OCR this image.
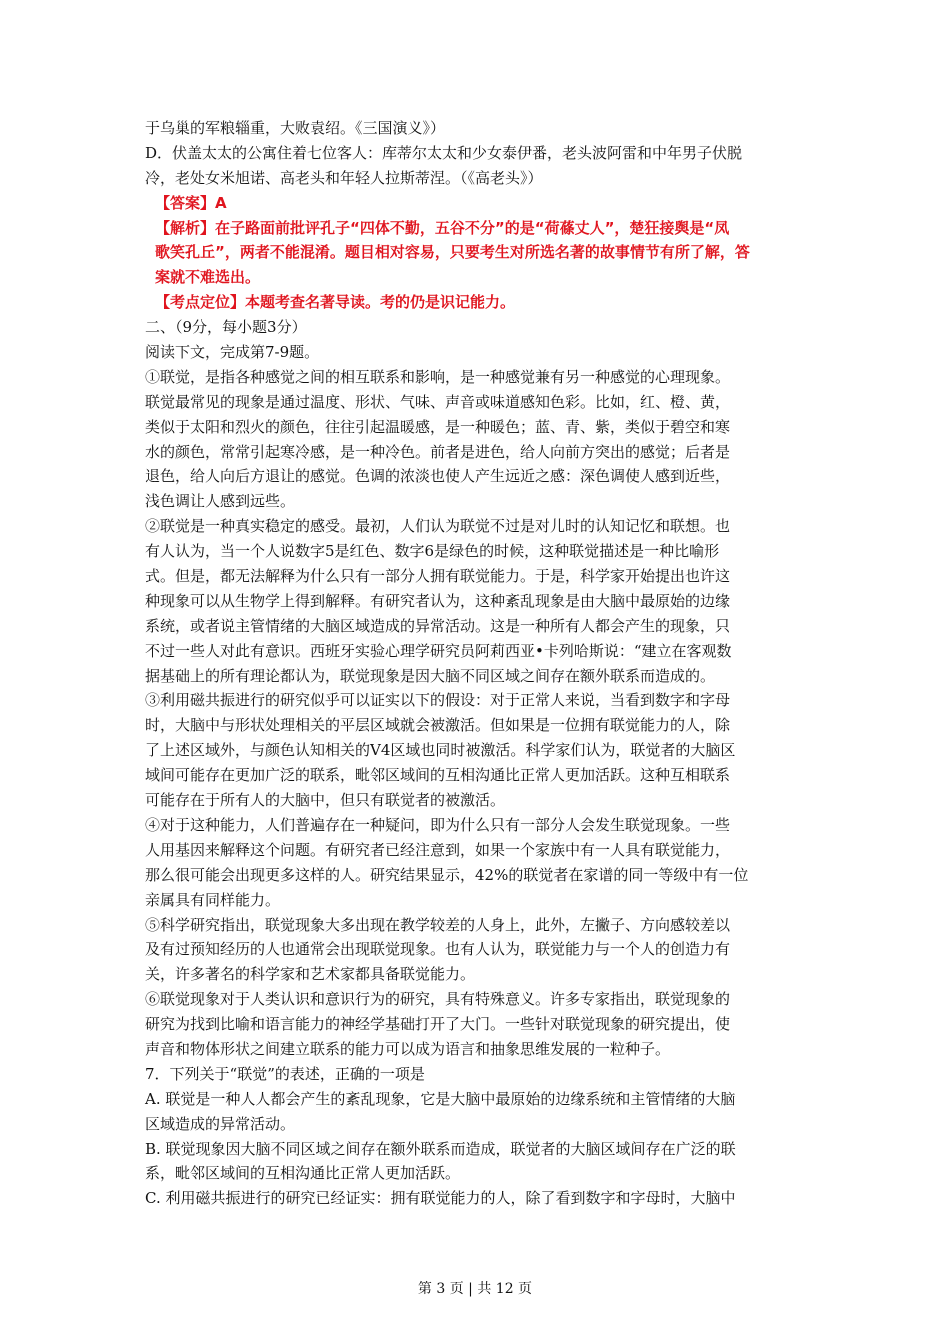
于乌巢的军粮辎重，大败袁绍。《三国演义》）
D．伏盖太太的公寓住着七位客人：库蒂尔太太和少女泰伊番，老头波阿雷和中年男子伏脱
冷，老处女米旭诺、高老头和年轻人拉斯蒂涅。（《高老头》）
【答案】A
【解析】在子路面前批评孔子“四体不勤，五谷不分”的是“荷蓧丈人”，楚狂接舆是“凤
歌笑孔丘”，两者不能混淆。题目相对容易，只要考生对所选名著的故事情节有所了解，答
案就不难选出。
【考点定位】本题考查名著导读。考的仍是识记能力。
二、（9分，每小题3分）
阅读下文，完成第7-9题。
①联觉，是指各种感觉之间的相互联系和影响，是一种感觉兼有另一种感觉的心理现象。
联觉最常见的现象是通过温度、形状、气味、声音或味道感知色彩。比如，红、橙、黄，
类似于太阳和烈火的颜色，往往引起温暖感，是一种暖色；蓝、青、紫，类似于碧空和寒
水的颜色，常常引起寒冷感，是一种冷色。前者是进色，给人向前方突出的感觉；后者是
退色，给人向后方退让的感觉。色调的浓淡也使人产生远近之感：深色调使人感到近些，
浅色调让人感到远些。
②联觉是一种真实稳定的感受。最初，人们认为联觉不过是对儿时的认知记忆和联想。也
有人认为，当一个人说数字5是红色、数字6是绿色的时候，这种联觉描述是一种比喻形
式。但是，都无法解释为什么只有一部分人拥有联觉能力。于是，科学家开始提出也许这
种现象可以从生物学上得到解释。有研究者认为，这种紊乱现象是由大脑中最原始的边缘
系统，或者说主管情绪的大脑区域造成的异常活动。这是一种所有人都会产生的现象，只
不过一些人对此有意识。西班牙实验心理学研究员阿莉西亚•卡列哈斯说：“建立在客观数
据基础上的所有理论都认为，联觉现象是因大脑不同区域之间存在额外联系而造成的。
③利用磁共振进行的研究似乎可以证实以下的假设：对于正常人来说，当看到数字和字母
时，大脑中与形状处理相关的平层区域就会被激活。但如果是一位拥有联觉能力的人，除
了上述区域外，与颜色认知相关的V4区域也同时被激活。科学家们认为，联觉者的大脑区
域间可能存在更加广泛的联系，毗邻区域间的互相沟通比正常人更加活跃。这种互相联系
可能存在于所有人的大脑中，但只有联觉者的被激活。
④对于这种能力，人们普遍存在一种疑问，即为什么只有一部分人会发生联觉现象。一些
人用基因来解释这个问题。有研究者已经注意到，如果一个家族中有一人具有联觉能力，
那么很可能会出现更多这样的人。研究结果显示，42%的联觉者在家谱的同一等级中有一位
亲属具有同样能力。
⑤科学研究指出，联觉现象大多出现在教学较差的人身上，此外，左撇子、方向感较差以
及有过预知经历的人也通常会出现联觉现象。也有人认为，联觉能力与一个人的创造力有
关，许多著名的科学家和艺术家都具备联觉能力。
⑥联觉现象对于人类认识和意识行为的研究，具有特殊意义。许多专家指出，联觉现象的
研究为找到比喻和语言能力的神经学基础打开了大门。一些针对联觉现象的研究提出，使
声音和物体形状之间建立联系的能力可以成为语言和抽象思维发展的一粒种子。
7．下列关于“联觉”的表述，正确的一项是
A. 联觉是一种人人都会产生的紊乱现象，它是大脑中最原始的边缘系统和主管情绪的大脑
区域造成的异常活动。
B. 联觉现象因大脑不同区域之间存在额外联系而造成，联觉者的大脑区域间存在广泛的联
系，毗邻区域间的互相沟通比正常人更加活跃。
C. 利用磁共振进行的研究已经证实：拥有联觉能力的人，除了看到数字和字母时，大脑中
第 3 页 | 共 12 页
